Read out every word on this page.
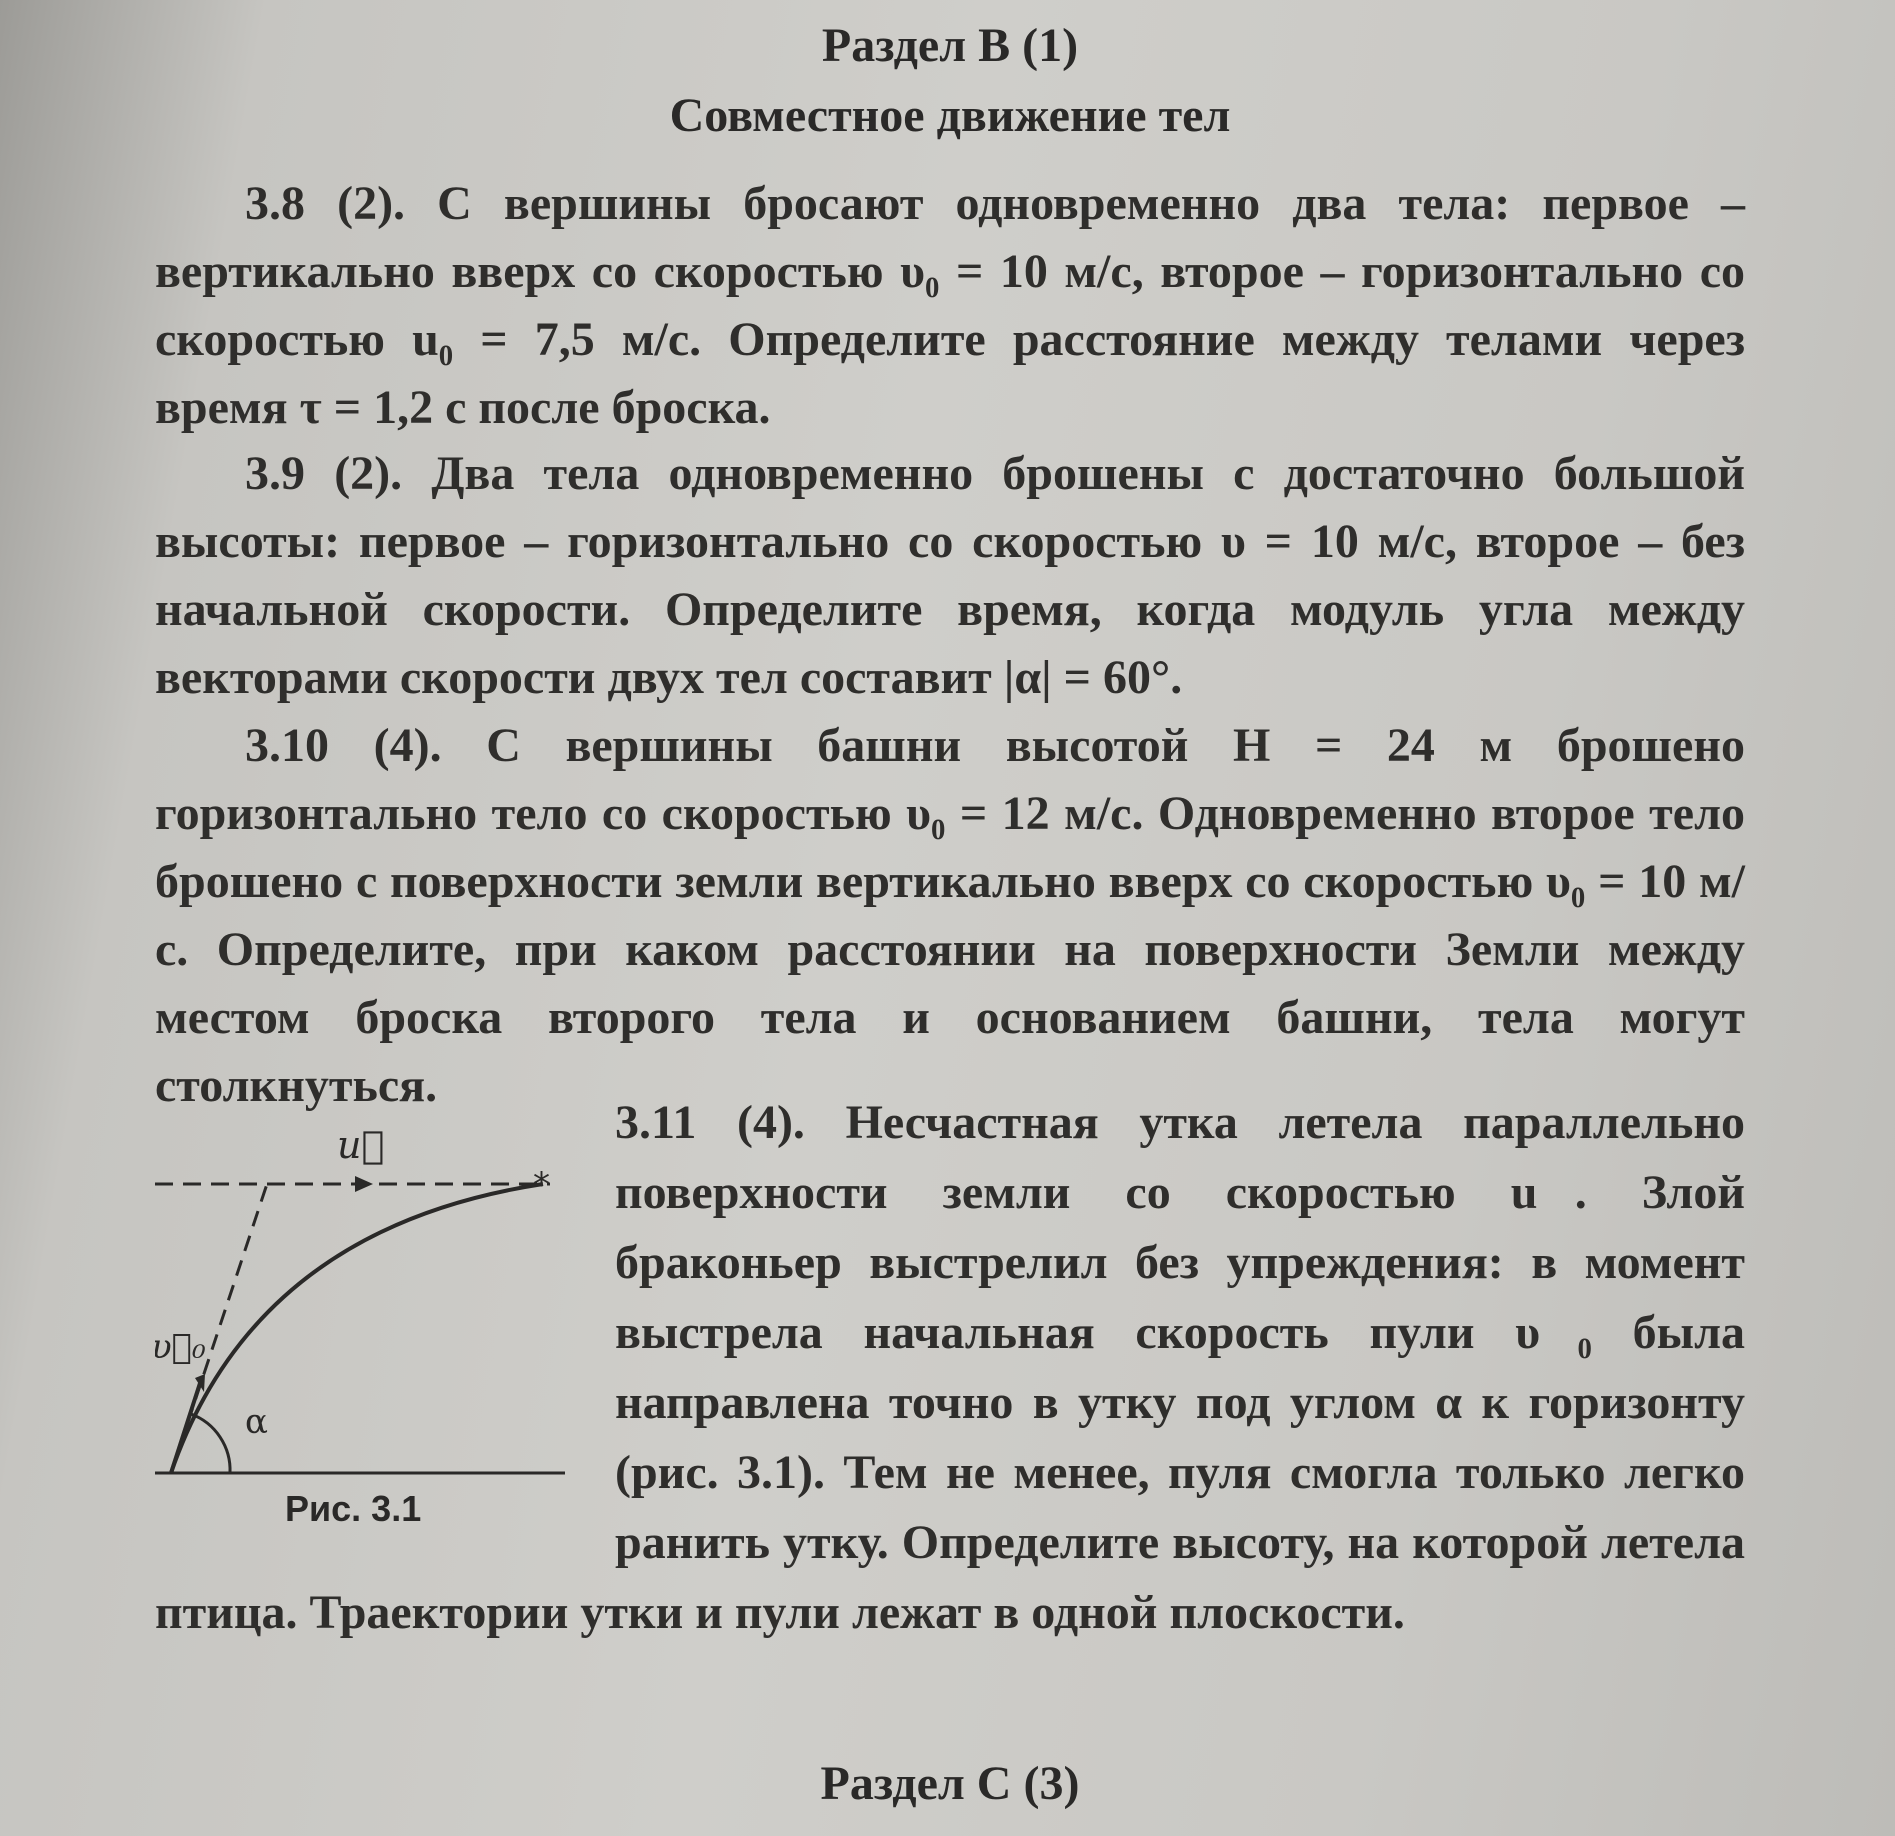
Раздел В (1)
Совместное движение тел

3.8 (2). С вершины бросают одновременно два тела: первое – вертикально вверх со скоростью υ₀ = 10 м/с, второе – горизонтально со скоростью u₀ = 7,5 м/с. Определите расстояние между телами через время τ = 1,2 с после броска.

3.9 (2). Два тела одновременно брошены с достаточно большой высоты: первое – горизонтально со скоростью υ = 10 м/с, второе – без начальной скорости. Определите время, когда модуль угла между векторами скорости двух тел составит |α| = 60°.

3.10 (4). С вершины башни высотой H = 24 м брошено горизонтально тело со скоростью υ₀ = 12 м/с. Одновременно второе тело брошено с поверхности земли вертикально вверх со скоростью υ₀ = 10 м/с. Определите, при каком расстоянии на поверхности Земли между местом броска второго тела и основанием башни, тела могут столкнуться.

*
u⃗
υ⃗₀
α
Рис. 3.1

3.11 (4). Несчастная утка летела параллельно поверхности земли со скоростью u⃗. Злой браконьер выстрелил без упреждения: в момент выстрела начальная скорость пули υ⃗₀ была направлена точно в утку под углом α к горизонту (рис. 3.1). Тем не менее, пуля смогла только легко ранить утку. Определите высоту, на которой летела птица. Траектории утки и пули лежат в одной плоскости.

Раздел С (3)
